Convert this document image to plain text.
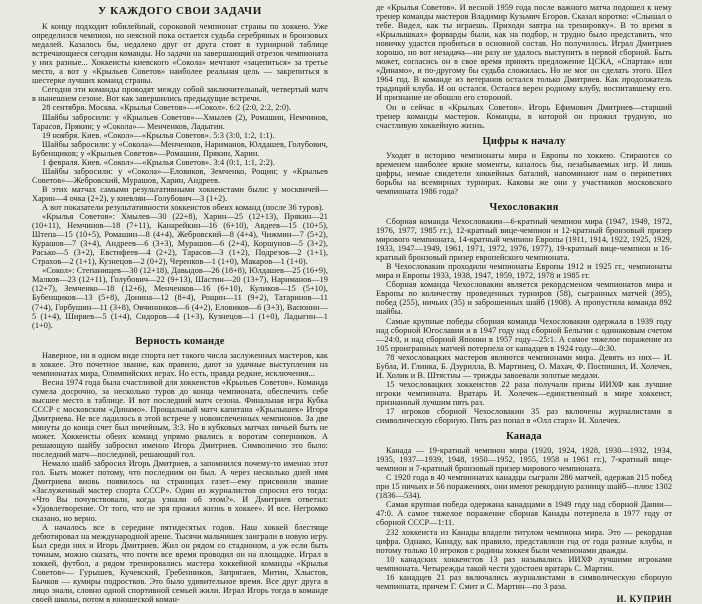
У КАЖДОГО СВОИ ЗАДАЧИ

К концу подходит юбилейный, сороковой чемпионат страны по хоккею. Уже определился чемпион, но неясной пока остается судьба серебряных и бронзовых медалей. Казалось бы, недалеко друг от друга стоят в турнирной таблице встречающиеся сегодня команды. Но задачи на завершающий отрезок чемпионата у них разные... Хоккеисты киевского «Сокола» мечтают «зацепиться» за третье место, а вот у «Крыльев Советов» наиболее реальная цель — закрепиться в шестерке лучших команд страны.

Сегодня эти команды проводят между собой заключительный, четвертый матч в нынешнем сезоне. Вот как завершились предыдущие встречи.

28 сентября. Москва. «Крылья Советов»—«Сокол». 6:2 (2:0, 2:2, 2:0).

Шайбы забросили: у «Крыльев Советов»—Хмылев (2), Ромашин, Немчинов, Тарасов, Прякин; у «Сокола»— Менченков, Ладыгин.

19 ноября. Киев. «Сокол»—«Крылья Советов». 5:3 (3:0, 1:2, 1:1).

Шайбы забросили: у «Сокола»—Менченков, Нариманов, Юлдашев, Голубович, Бубенщиков; у «Крыльев Советов»—Ромашин, Прякин, Харин.

1 февраля. Киев. «Сокол»—«Крылья Советов». 3:4 (0:1, 1:1, 2:2).

Шайбы забросили: у «Сокола»—Еловиков, Земченко, Рощин; у «Крыльев Советов»—Жебровский, Мурашов, Харин, Андреев.

В этих матчах самыми результативными хоккеистами были: у москвичей—Харин—4 очка (2+2), у киевлян—Голубович—3 (1+2).

А вот показатели результативности хоккеистов обеих команд (после 36 туров).

«Крылья Советов»: Хмылев—30 (22+8), Харин—25 (12+13), Прякин—21 (10+11), Немчинов—18 (7+11), Канарейкин—16 (6+10), Авдеев—15 (10+5), Штепа—15 (10+5), Ромашин—8 (4+4), Жебровский—8 (4+4), Чижмин—7 (5+2), Курашов—7 (3+4), Андреев—6 (3+3), Мурашов—6 (2+4), Коршунов—5 (3+2), Расько—5 (3+2), Евстифеев—4 (2+2), Тарасов—3 (1+2), Подрезов—2 (1+1), Страхов—2 (1+1), Кузнецов—2 (0+2), Черенков—1 (1+0), Макаров—1 (1+0).

«Сокол»: Степанищев—30 (12+18), Давыдов—26 (18+8), Юлдашев—25 (16+9), Малков—23 (12+11), Голубович—22 (9+13), Шастин—20 (13+7), Нариманов—19 (12+7), Земченко—18 (12+6), Менченков—16 (6+10), Куликов—15 (5+10), Бубенщиков—13 (5+8), Донина—12 (8+4), Рощин—11 (9+2), Татаринов—11 (7+4), Горбушин—11 (3+8), Овчинников—6 (4+2), Еловиков—6 (3+3), Васюнин—5 (1+4), Ширяев—5 (1+4), Сидоров—4 (1+3), Кузнецов—1 (1+0), Ладыгин—1 (1+0).

Верность команде

Наверное, ни в одном виде спорта нет такого числа заслуженных мастеров, как в хоккее. Это почетное звание, как правило, дают за удачные выступления на чемпионатах мира, Олимпийских играх. Но есть, правда редкие, исключения...

Весна 1974 года была счастливой для хоккеистов «Крыльев Советов». Команда сумела досрочно, за несколько туров до конца чемпионата, обеспечить себе высшее место в таблице. И вот последний матч сезона. Финальная игра Кубка СССР с московским «Динамо». Прощальный матч капитана «Крылышек» Игоря Дмитриева. Не все ладилось в этой встрече у новоиспеченных чемпионов. За две минуты до конца счет был ничейным, 3:3. Но в кубковых матчах ничьей быть не может. Хоккеисты обеих команд упрямо рвались к воротам соперников. А решающую шайбу забросил именно Игорь Дмитриев. Символично это было: последний матч—последний, решающий гол.

Немало шайб забросил Игорь Дмитриев, а запомнился почему-то именно этот гол. Быть может потому, что последним он был. А через несколько дней имя Дмитриева вновь появилось на страницах газет—ему присвоили звание «Заслуженный мастер спорта СССР». Один из журналистов спросил его тогда: «Что Вы почувствовали, когда узнали об этом?». И Дмитриев ответил: «Удовлетворение. От того, что не зря прожил жизнь в хоккее». И все. Негромко сказано, но верно.

А началось все в середине пятидесятых годов. Наш хоккей блестяще дебютировал на международной арене. Тысячи мальчишек заиграли в новую игру. Был среди них и Игорь Дмитриев. Жил он рядом со стадионом, а уж если быть точным, можно сказать, что почти все время проводил он на площадке. Играл в хоккей, футбол, а рядом тренировались мастера хоккейной команды «Крылья Советов»— Гурышев, Кучевский, Гребенников, Запрягаев, Митин, Хлыстов, Бычков — кумиры подростков. Это было удивительное время. Все друг друга в лицо знали, словно одной спортивной семьей жили. Играл Игорь тогда в команде своей школы, потом в юношеской коман-

де «Крылья Советов». И весной 1959 года после важного матча подошел к нему тренер команды мастеров Владимир Кузьмич Егоров. Сказал коротко: «Слышал о тебе. Видел, как ты играешь. Приходи завтра на тренировку». В то время в «Крылышках» форварды были, как на подбор, и трудно было представить, что новичку удастся пробиться в основной состав. Но получилось. Играл Дмитриев хорошо, но вот незадача—ни разу не удалось выступить в первой сборной. Быть может, согласись он в свое время принять предложение ЦСКА, «Спартак» или «Динамо», и по-другому бы судьба сложилась. Но не мог он сделать этого. Шел 1964 год. В команде из ветеранов остался только Дмитриев. Как продолжатель традиций клуба. И он остался. Остался верен родному клубу, воспитавшему его. И признание не обошло его стороной.

Он и сейчас в «Крыльях Советов». Игорь Ефимович Дмитриев—старший тренер команды мастеров. Команды, в которой он прожил трудную, но счастливую хоккейную жизнь.

Цифры к началу

Уходят в историю чемпионаты мира и Европы по хоккею. Стираются со временем наиболее яркие моменты, казалось бы, незабываемых игр. И лишь цифры, немые свидетели хоккейных баталий, напоминают нам о перипетиях борьбы на всемирных турнирах. Каковы же они у участников московского чемпионата 1986 года?

Чехословакия

Сборная команда Чехословакии—6-кратный чемпион мира (1947, 1949, 1972, 1976, 1977, 1985 гг.), 12-кратный вице-чемпион и 12-кратный бронзовый призер мирового чемпионата, 14-кратный чемпион Европы (1911, 1914, 1922, 1925, 1929, 1933, 1947—1949, 1961, 1971, 1972, 1976, 1977), 19-кратный вице-чемпион и 16-кратный бронзовый призер европейского чемпионата.

В Чехословакии проходили чемпионаты Европы 1912 и 1925 гг., чемпионаты мира и Европы 1933, 1938, 1947, 1959, 1972, 1978 и 1985 гг.

Сборная команда Чехословакии является рекордсменом чемпионатов мира и Европы по количеству проведенных турниров (58), сыгранных матчей (395), побед (255), ничьих (35) и заброшенных шайб (1908). А пропустила команда 892 шайбы.

Самые крупные победы сборная команда Чехословакии одержала в 1939 году над сборной Югославии и в 1947 году над сборной Бельгии с одинаковым счетом—24:0, и над сборной Японии в 1957 году—25:1. А самое тяжелое поражение из 105 проигранных матчей потерпела от канадцев в 1924 году—0:30.

78 чехословацких мастеров являются чемпионами мира. Девять из них— И. Бубла, И. Глинка, Б. Дзурилла, В. Мартинец, О. Махач, Ф. Поспишил, И. Холечек, И. Холик и В. Штястны — трижды завоевали золотые медали.

15 чехословацких хоккеистов 22 раза получали призы ИИХФ как лучшие игроки чемпионата. Вратарь И. Холечек—единственный в мире хоккеист, признанный лучшим пять раз.

17 игроков сборной Чехословакии 35 раз включены журналистами в символическую сборную. Пять раз попал в «Олл старз» И. Холечек.

Канада

Канада — 19-кратный чемпион мира (1920, 1924, 1928, 1930—1932, 1934, 1935, 1937—1939, 1948, 1950—1952, 1955, 1958 и 1961 гг.), 7-кратный вице-чемпион и 7-кратный бронзовый призер мирового чемпионата.

С 1920 года в 40 чемпионатах канадцы сыграли 286 матчей, одержав 215 побед при 15 ничьих и 56 поражениях, они имеют рекордную разницу шайб—плюс 1302 (1836—534).

Самая крупная победа одержана канадцами в 1949 году над сборной Дании—47:0. А самое тяжелое поражение сборная Канады потерпела в 1977 году от сборной СССР—1:11.

232 хоккеиста из Канады владели титулом чемпиона мира. Это — рекордная цифра. Однако, Канаду, как правило, представляли год от года разные клубы, и потому только 10 игроков с родины хоккея были чемпионами дважды.

10 канадских хоккеистов 13 раз назывались ИИХФ лучшими игроками чемпионата. Четырежды такой чести удостоен вратарь С. Мартин.

16 канадцев 21 раз включались журналистами в символическую сборную чемпионата, причем Г. Смит и С. Мартин—по 3 раза.

И. КУПРИН
